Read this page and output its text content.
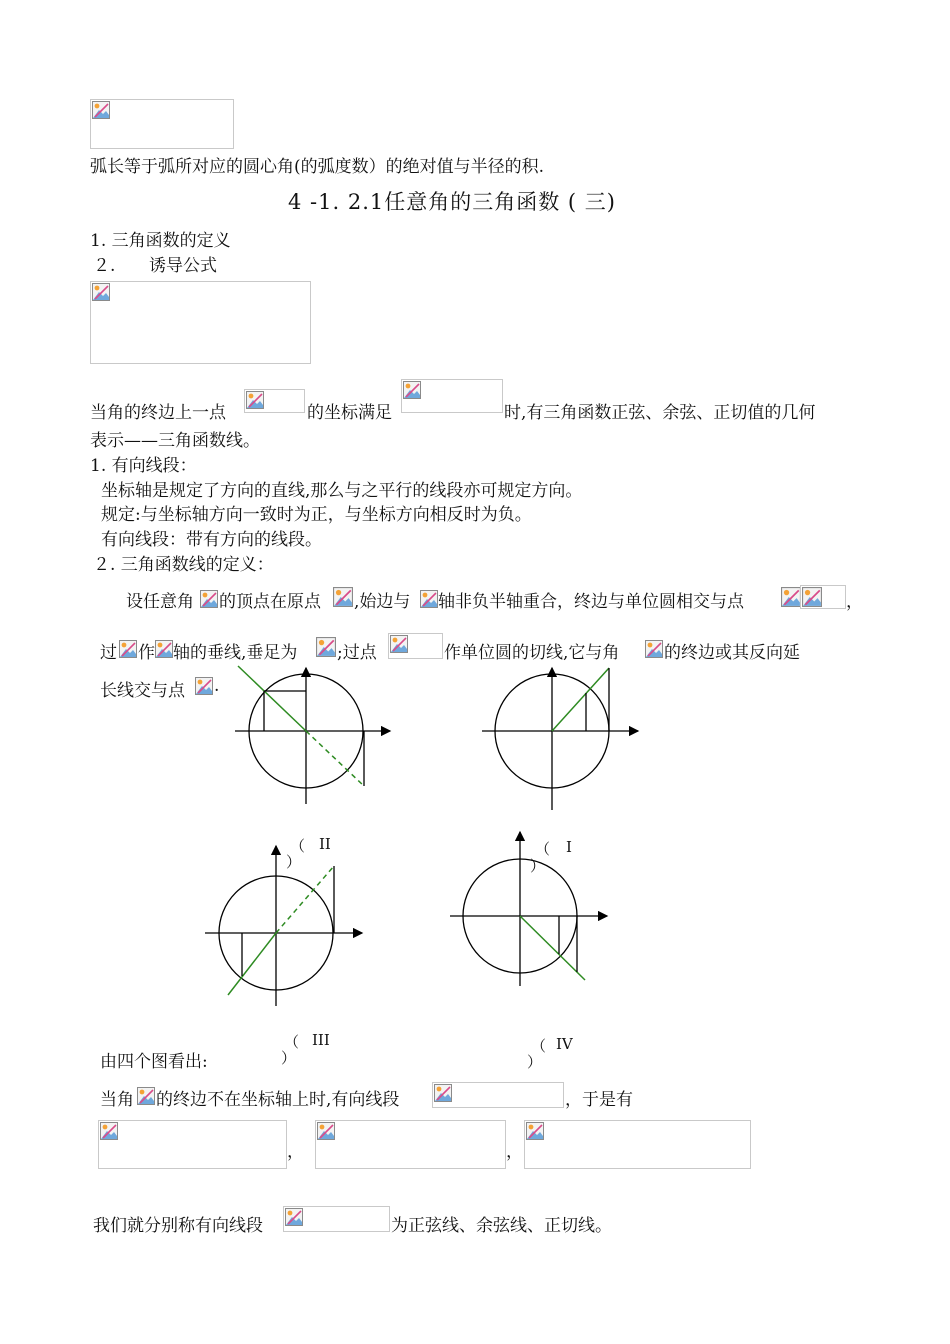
弧长等于弧所对应的圆心角(的弧度数）的绝对值与半径的积.
4 -1. 2.1任意角的三角函数 ( 三)
1. 三角函数的定义
２. 诱导公式
当角的终边上一点	的坐标满足	时,有三角函数正弦、余弦、正切值的几何
表示——三角函数线。
1. 有向线段：
坐标轴是规定了方向的直线,那么与之平行的线段亦可规定方向。
规定:与坐标轴方向一致时为正，与坐标方向相反时为负。
有向线段：带有方向的线段。
２. 三角函数线的定义：
设任意角 的顶点在原点 ,始边与 轴非负半轴重合，终边与单位圆相交与点	，
过 作 轴的垂线,垂足为 ;过点	作单位圆的切线,它与角	的终边或其反向延
长线交与点 .
（ II
）
（ I
）
（ III
）
（ IV
）
由四个图看出:
当角 的终边不在坐标轴上时,有向线段	，于是有
，	，
我们就分别称有向线段	为正弦线、余弦线、正切线。
